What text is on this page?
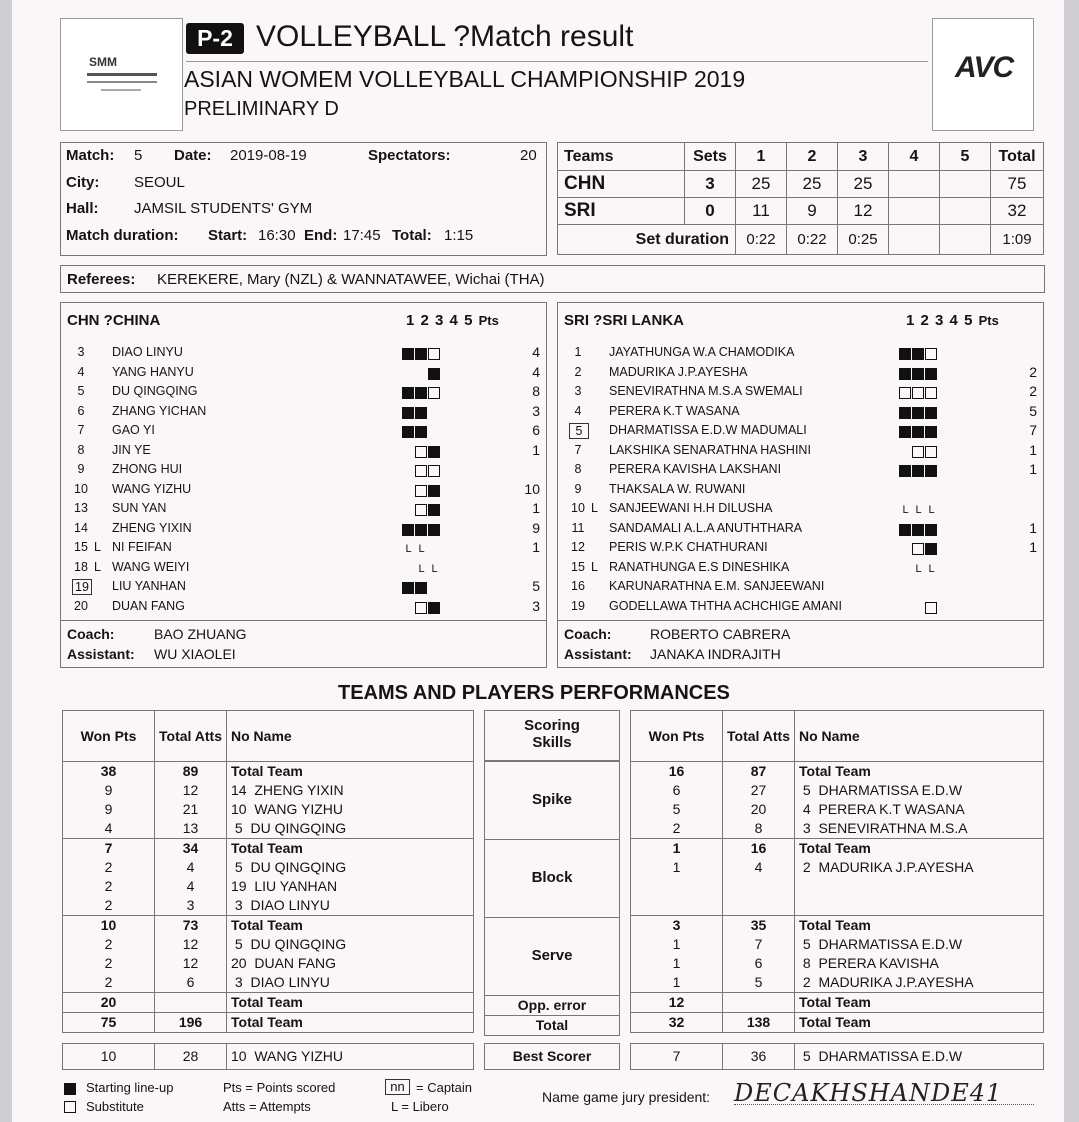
SMM
P-2 VOLLEYBALL ?Match result
ASIAN WOMEM VOLLEYBALL CHAMPIONSHIP 2019
PRELIMINARY D
AVC
Match: 5 Date: 2019-08-19	Spectators:	20
City: SEOUL
Hall: JAMSIL STUDENTS' GYM
Match duration: Start: 16:30 End: 17:45 Total: 1:15
Teams	Sets	1	2	3	4	5	Total
CHN	3	25	25	25			75
SRI	0	11	9	12			32
Set duration		0:22	0:22	0:25			1:09
Referees: KEREKERE, Mary (NZL) & WANNATAWEE, Wichai (THA)
CHN ?CHINA	1 2 3 4 5 Pts
3	DIAO LINYU	4
4	YANG HANYU	4
5	DU QINGQING	8
6	ZHANG YICHAN	3
7	GAO YI	6
8	JIN YE	1
9	ZHONG HUI
10 WANG YIZHU	10
13 SUN YAN	1
14 ZHENG YIXIN	9
15 L NI FEIFAN	L L	1
18 L WANG WEIYI	L L
19 LIU YANHAN	5
20 DUAN FANG	3
Coach:	BAO ZHUANG
Assistant: WU XIAOLEI
SRI ?SRI LANKA	1 2 3 4 5 Pts
1	JAYATHUNGA W.A CHAMODIKA
2	MADURIKA J.P.AYESHA	2
3	SENEVIRATHNA M.S.A SWEMALI	2
4	PERERA K.T WASANA	5
5	DHARMATISSA E.D.W MADUMALI	7
7	LAKSHIKA SENARATHNA HASHINI	1
8	PERERA KAVISHA LAKSHANI	1
9	THAKSALA W. RUWANI
10 L SANJEEWANI H.H DILUSHA	L L L
11 SANDAMALI A.L.A ANUTHTHARA	1
12 PERIS W.P.K CHATHURANI	1
15 L RANATHUNGA E.S DINESHIKA	L L
16 KARUNARATHNA E.M. SANJEEWANI
19 GODELLAWA THTHA ACHCHIGE AMANI
Coach:	ROBERTO CABRERA
Assistant: JANAKA INDRAJITH
TEAMS AND PLAYERS PERFORMANCES
Won Pts	Total Atts	No Name
38	89	Total Team
9	12	14  ZHENG YIXIN
9	21	10  WANG YIZHU
4	13	5  DU QINGQING
7	34	Total Team
2	4	5  DU QINGQING
2	4	19  LIU YANHAN
2	3	3  DIAO LINYU
10	73	Total Team
2	12	5  DU QINGQING
2	12	20  DUAN FANG
2	6	3  DIAO LINYU
20		Total Team
75	196	Total Team
Scoring Skills
Spike
Block
Serve
Opp. error
Total
Won Pts	Total Atts	No Name
16	87	Total Team
6	27	5  DHARMATISSA E.D.W
5	20	4  PERERA K.T WASANA
2	8	3  SENEVIRATHNA M.S.A
1	16	Total Team
1	4	2  MADURIKA J.P.AYESHA

3	35	Total Team
1	7	5  DHARMATISSA E.D.W
1	6	8  PERERA KAVISHA
1	5	2  MADURIKA J.P.AYESHA
12		Total Team
32	138	Total Team
10	28	10  WANG YIZHU	Best Scorer	7	36	5  DHARMATISSA E.D.W
Starting line-up
Substitute
Pts = Points scored
Atts = Attempts
nn = Captain
L = Libero
Name game jury president: DECAKHSHANDE41
